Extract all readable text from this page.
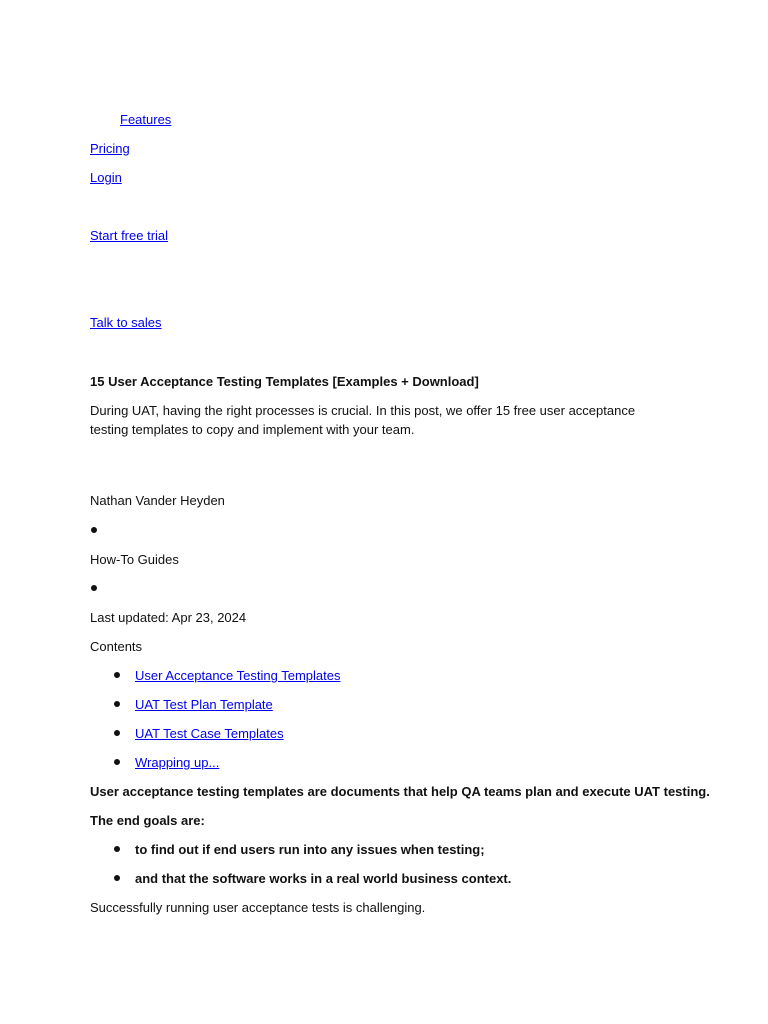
Features
Pricing
Login
Start free trial
Talk to sales
15 User Acceptance Testing Templates [Examples + Download]
During UAT, having the right processes is crucial. In this post, we offer 15 free user acceptance testing templates to copy and implement with your team.
Nathan Vander Heyden
How-To Guides
Last updated: Apr 23, 2024
Contents
User Acceptance Testing Templates
UAT Test Plan Template
UAT Test Case Templates
Wrapping up...
User acceptance testing templates are documents that help QA teams plan and execute UAT testing.
The end goals are:
to find out if end users run into any issues when testing;
and that the software works in a real world business context.
Successfully running user acceptance tests is challenging.
